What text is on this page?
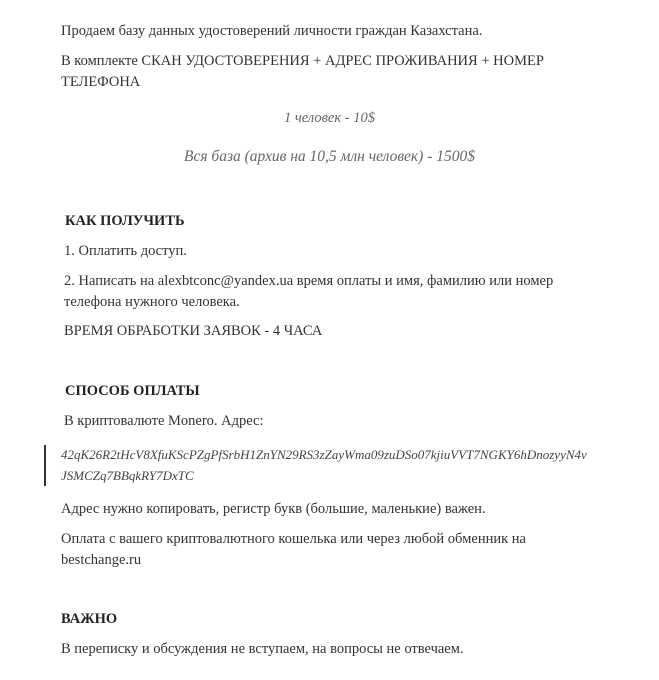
Продаем базу данных удостоверений личности граждан Казахстана.

В комплекте СКАН УДОСТОВЕРЕНИЯ + АДРЕС ПРОЖИВАНИЯ + НОМЕР ТЕЛЕФОНА

1 человек - 10$

Вся база (архив на 10,5 млн человек) - 1500$

КАК ПОЛУЧИТЬ

1. Оплатить доступ.

2. Написать на alexbtconc@yandex.ua время оплаты и имя, фамилию или номер телефона нужного человека.

ВРЕМЯ ОБРАБОТКИ ЗАЯВОК - 4 ЧАСА

СПОСОБ ОПЛАТЫ

В криптовалюте Monero. Адрес:

42qK26R2tHcV8XfuKScPZgPfSrbH1ZnYN29RS3zZayWma09zuDSo07kjiuVVT7NGKY6hDnozyyN4vJSMCZq7BBqkRY7DxTC

Адрес нужно копировать, регистр букв (большие, маленькие) важен.

Оплата с вашего криптовалютного кошелька или через любой обменник на bestchange.ru

ВАЖНО

В переписку и обсуждения не вступаем, на вопросы не отвечаем.
